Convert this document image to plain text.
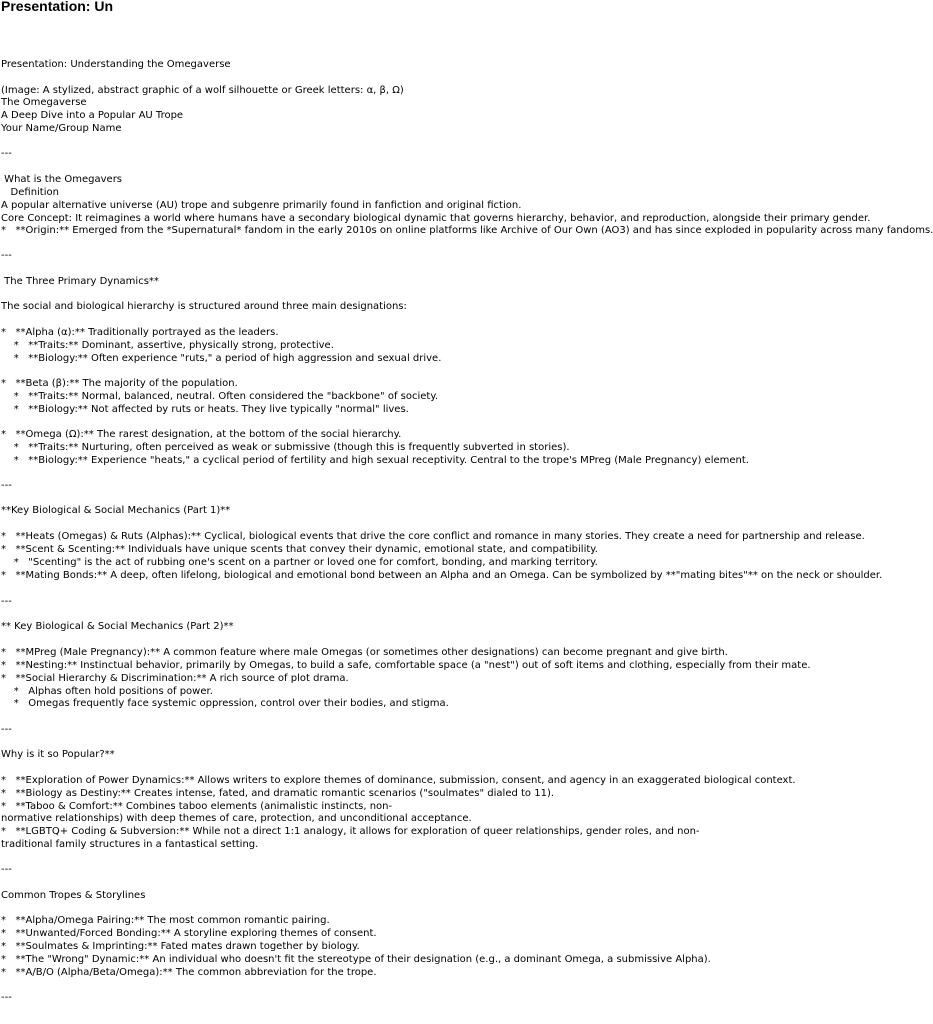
Presentation: Un
Presentation: Understanding the Omegaverse
(Image: A stylized, abstract graphic of a wolf silhouette or Greek letters: α, β, Ω)
The Omegaverse
A Deep Dive into a Popular AU Trope
Your Name/Group Name
---
What is the Omegavers
Definition
A popular alternative universe (AU) trope and subgenre primarily found in fanfiction and original fiction.
Core Concept: It reimagines a world where humans have a secondary biological dynamic that governs hierarchy, behavior, and reproduction, alongside their primary gender.
*   **Origin:** Emerged from the *Supernatural* fandom in the early 2010s on online platforms like Archive of Our Own (AO3) and has since exploded in popularity across many fandoms.
---
The Three Primary Dynamics**
The social and biological hierarchy is structured around three main designations:
*   **Alpha (α):** Traditionally portrayed as the leaders.
*   **Traits:** Dominant, assertive, physically strong, protective.
*   **Biology:** Often experience "ruts," a period of high aggression and sexual drive.
*   **Beta (β):** The majority of the population.
*   **Traits:** Normal, balanced, neutral. Often considered the "backbone" of society.
*   **Biology:** Not affected by ruts or heats. They live typically "normal" lives.
*   **Omega (Ω):** The rarest designation, at the bottom of the social hierarchy.
*   **Traits:** Nurturing, often perceived as weak or submissive (though this is frequently subverted in stories).
*   **Biology:** Experience "heats," a cyclical period of fertility and high sexual receptivity. Central to the trope's MPreg (Male Pregnancy) element.
---
**Key Biological & Social Mechanics (Part 1)**
*   **Heats (Omegas) & Ruts (Alphas):** Cyclical, biological events that drive the core conflict and romance in many stories. They create a need for partnership and release.
*   **Scent & Scenting:** Individuals have unique scents that convey their dynamic, emotional state, and compatibility.
*   "Scenting" is the act of rubbing one's scent on a partner or loved one for comfort, bonding, and marking territory.
*   **Mating Bonds:** A deep, often lifelong, biological and emotional bond between an Alpha and an Omega. Can be symbolized by **"mating bites"** on the neck or shoulder.
---
** Key Biological & Social Mechanics (Part 2)**
*   **MPreg (Male Pregnancy):** A common feature where male Omegas (or sometimes other designations) can become pregnant and give birth.
*   **Nesting:** Instinctual behavior, primarily by Omegas, to build a safe, comfortable space (a "nest") out of soft items and clothing, especially from their mate.
*   **Social Hierarchy & Discrimination:** A rich source of plot drama.
*   Alphas often hold positions of power.
*   Omegas frequently face systemic oppression, control over their bodies, and stigma.
---
Why is it so Popular?**
*   **Exploration of Power Dynamics:** Allows writers to explore themes of dominance, submission, consent, and agency in an exaggerated biological context.
*   **Biology as Destiny:** Creates intense, fated, and dramatic romantic scenarios ("soulmates" dialed to 11).
*   **Taboo & Comfort:** Combines taboo elements (animalistic instincts, non-
normative relationships) with deep themes of care, protection, and unconditional acceptance.
*   **LGBTQ+ Coding & Subversion:** While not a direct 1:1 analogy, it allows for exploration of queer relationships, gender roles, and non-
traditional family structures in a fantastical setting.
---
Common Tropes & Storylines
*   **Alpha/Omega Pairing:** The most common romantic pairing.
*   **Unwanted/Forced Bonding:** A storyline exploring themes of consent.
*   **Soulmates & Imprinting:** Fated mates drawn together by biology.
*   **The "Wrong" Dynamic:** An individual who doesn't fit the stereotype of their designation (e.g., a dominant Omega, a submissive Alpha).
*   **A/B/O (Alpha/Beta/Omega):** The common abbreviation for the trope.
---
